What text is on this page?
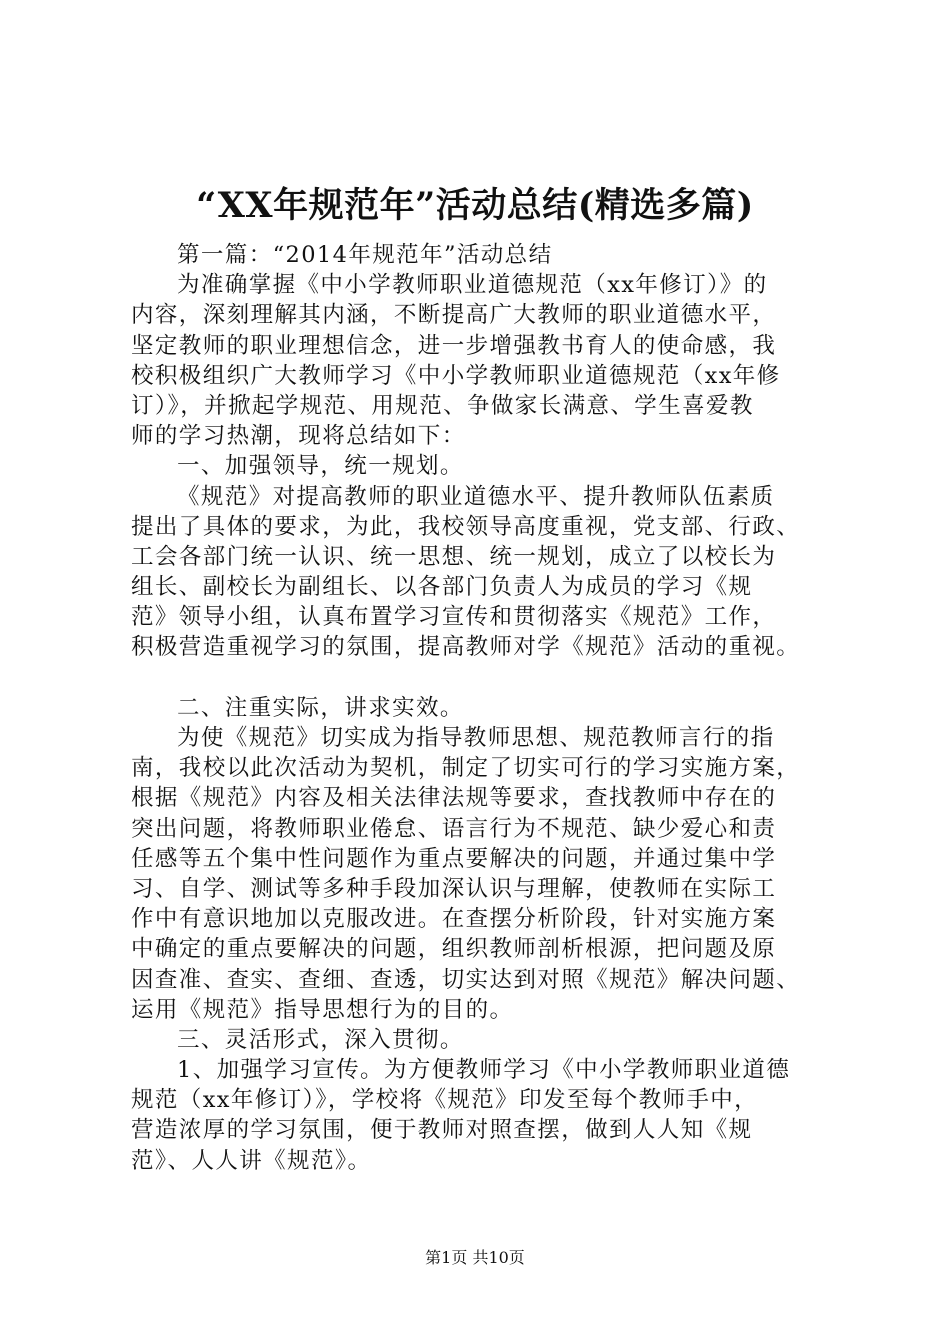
“XX年规范年”活动总结(精选多篇)
第一篇：“2014年规范年”活动总结
为准确掌握《中小学教师职业道德规范（xx年修订）》的
内容，深刻理解其内涵，不断提高广大教师的职业道德水平，
坚定教师的职业理想信念，进一步增强教书育人的使命感，我
校积极组织广大教师学习《中小学教师职业道德规范（xx年修
订）》，并掀起学规范、用规范、争做家长满意、学生喜爱教
师的学习热潮，现将总结如下：
一、加强领导，统一规划。
《规范》对提高教师的职业道德水平、提升教师队伍素质
提出了具体的要求，为此，我校领导高度重视，党支部、行政、
工会各部门统一认识、统一思想、统一规划，成立了以校长为
组长、副校长为副组长、以各部门负责人为成员的学习《规
范》领导小组，认真布置学习宣传和贯彻落实《规范》工作，
积极营造重视学习的氛围，提高教师对学《规范》活动的重视。
二、注重实际，讲求实效。
为使《规范》切实成为指导教师思想、规范教师言行的指
南，我校以此次活动为契机，制定了切实可行的学习实施方案，
根据《规范》内容及相关法律法规等要求，查找教师中存在的
突出问题，将教师职业倦怠、语言行为不规范、缺少爱心和责
任感等五个集中性问题作为重点要解决的问题，并通过集中学
习、自学、测试等多种手段加深认识与理解，使教师在实际工
作中有意识地加以克服改进。在查摆分析阶段，针对实施方案
中确定的重点要解决的问题，组织教师剖析根源，把问题及原
因查准、查实、查细、查透，切实达到对照《规范》解决问题、
运用《规范》指导思想行为的目的。
三、灵活形式，深入贯彻。
1、加强学习宣传。为方便教师学习《中小学教师职业道德
规范（xx年修订）》，学校将《规范》印发至每个教师手中，
营造浓厚的学习氛围，便于教师对照查摆，做到人人知《规
范》、人人讲《规范》。
第1页 共10页
